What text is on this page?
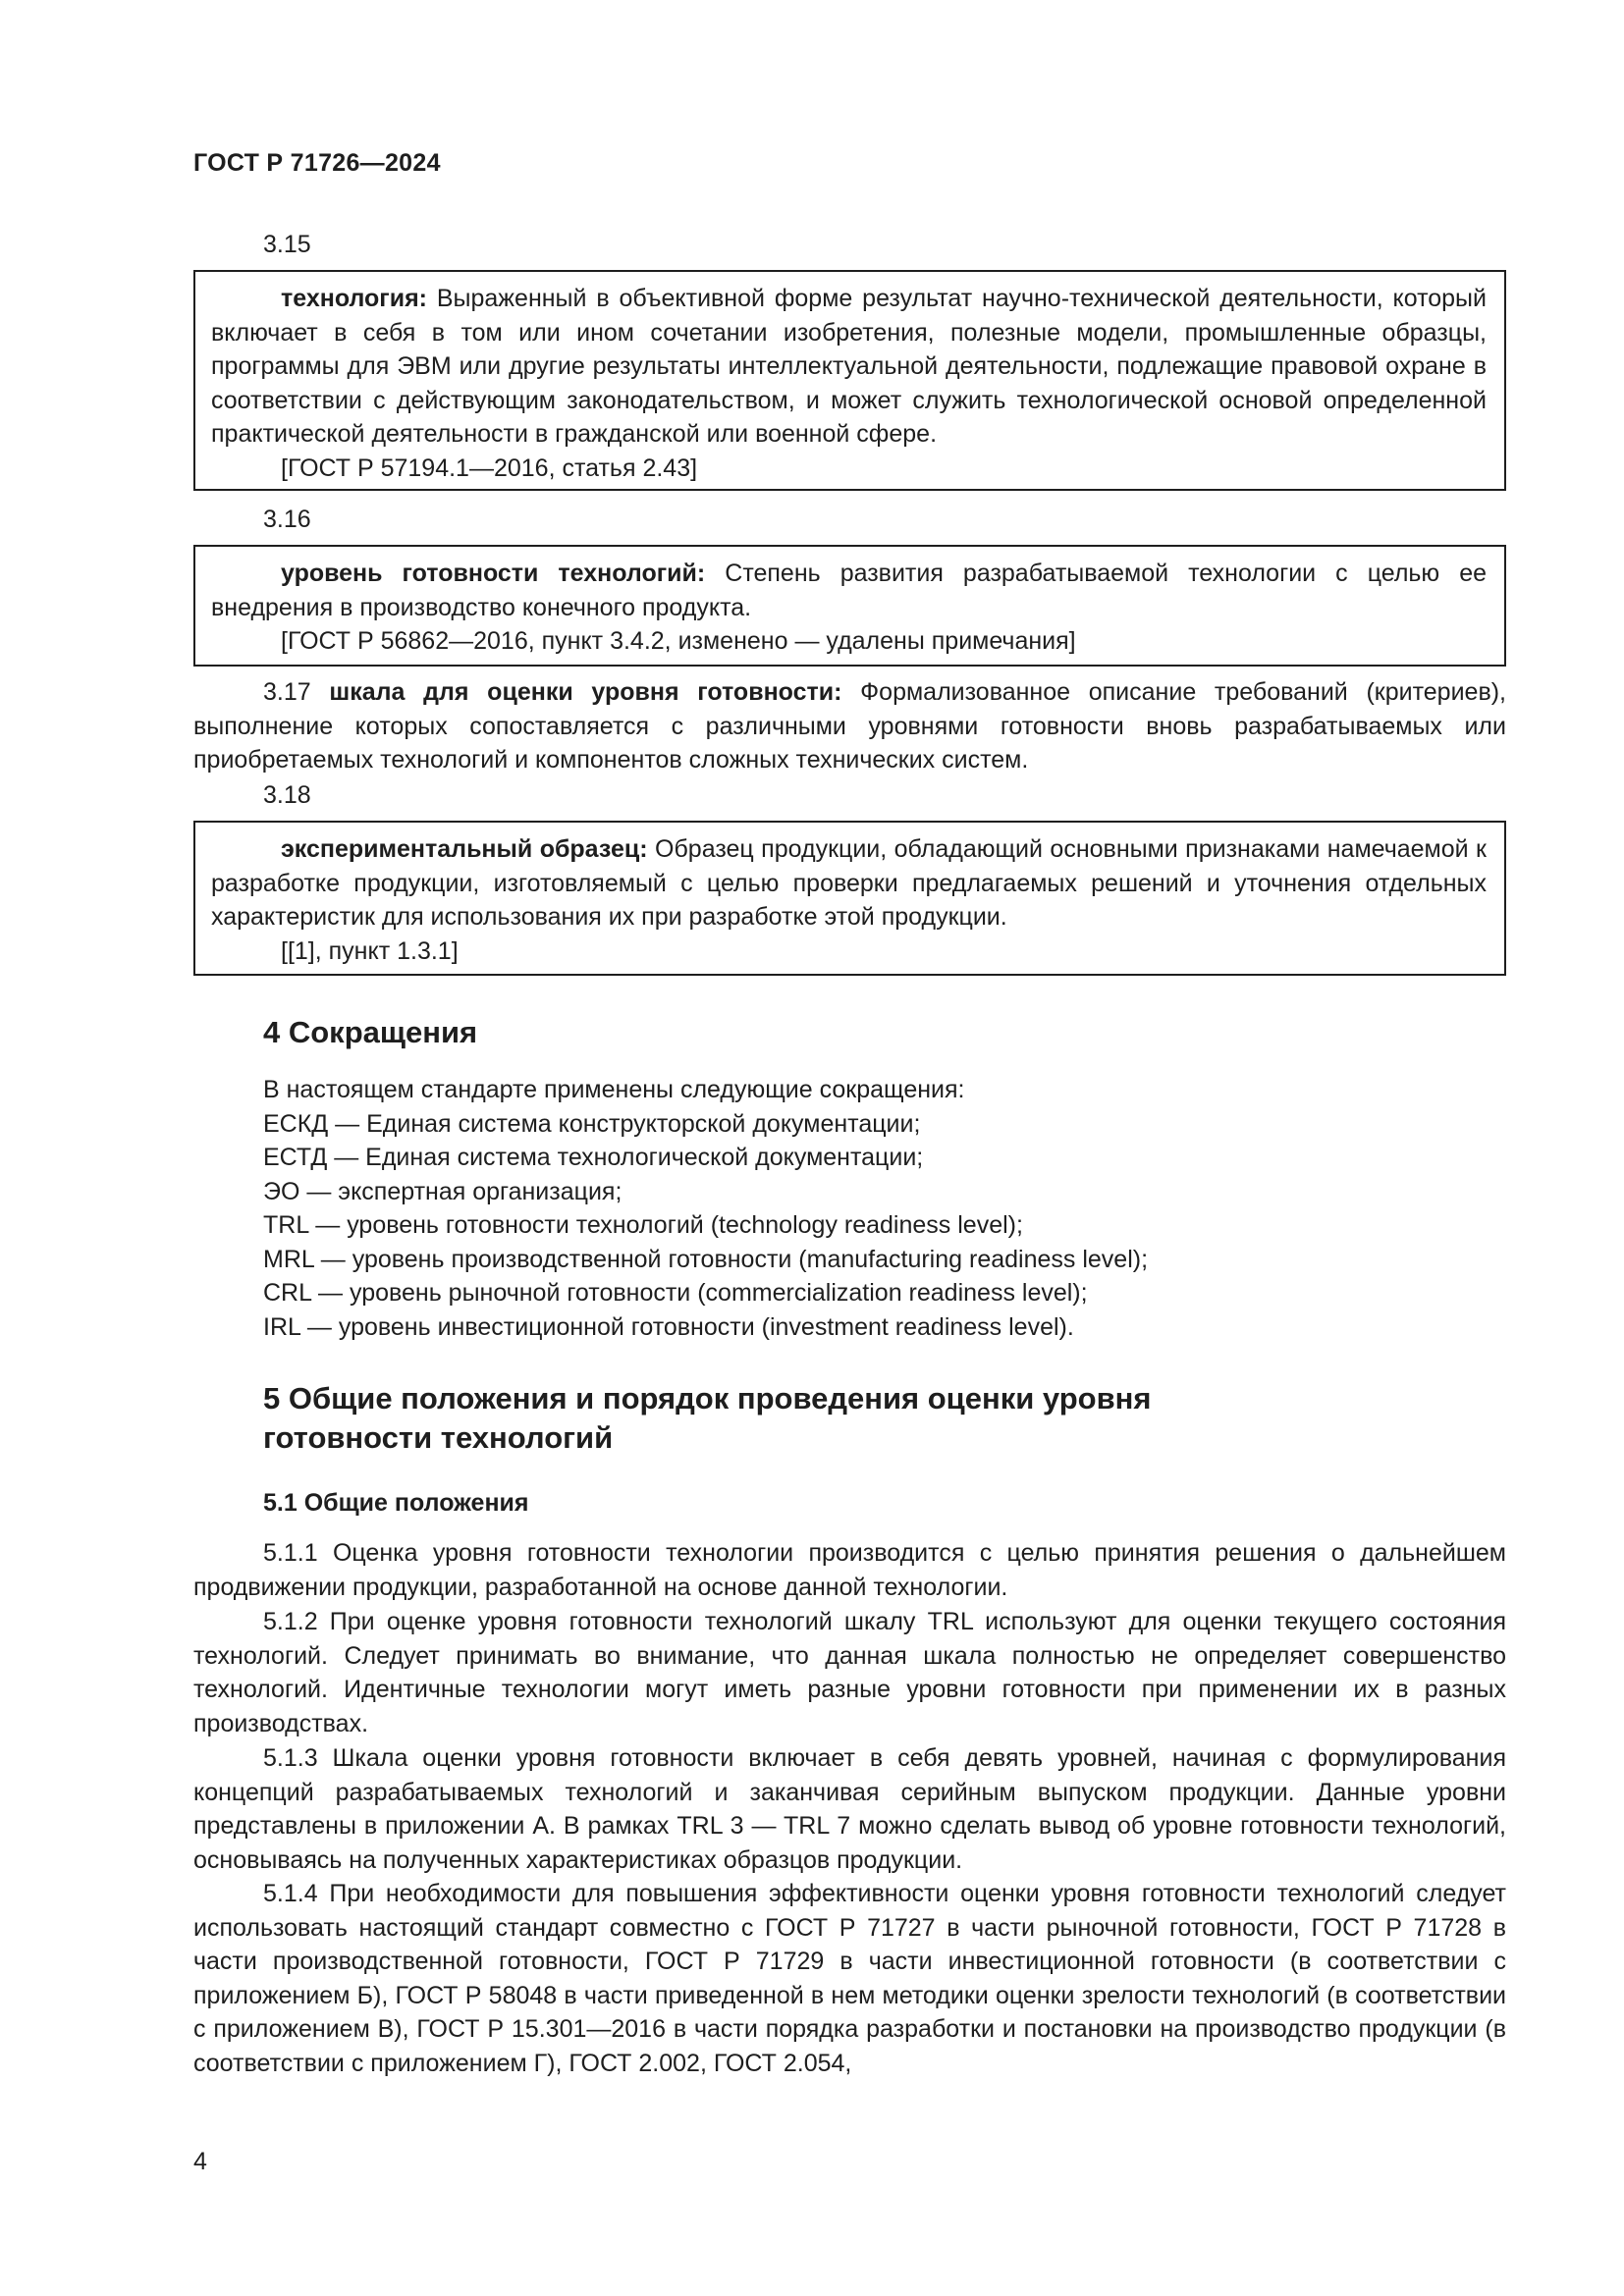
ГОСТ Р 71726—2024
3.15
технология: Выраженный в объективной форме результат научно-технической деятельности, который включает в себя в том или ином сочетании изобретения, полезные модели, промышленные образцы, программы для ЭВМ или другие результаты интеллектуальной деятельности, подлежащие правовой охране в соответствии с действующим законодательством, и может служить технологической основой определенной практической деятельности в гражданской или военной сфере.
[ГОСТ Р 57194.1—2016, статья 2.43]
3.16
уровень готовности технологий: Степень развития разрабатываемой технологии с целью ее внедрения в производство конечного продукта.
[ГОСТ Р 56862—2016, пункт 3.4.2, изменено — удалены примечания]
3.17 шкала для оценки уровня готовности: Формализованное описание требований (критериев), выполнение которых сопоставляется с различными уровнями готовности вновь разрабатываемых или приобретаемых технологий и компонентов сложных технических систем.
3.18
экспериментальный образец: Образец продукции, обладающий основными признаками намечаемой к разработке продукции, изготовляемый с целью проверки предлагаемых решений и уточнения отдельных характеристик для использования их при разработке этой продукции.
[[1], пункт 1.3.1]
4 Сокращения
В настоящем стандарте применены следующие сокращения:
ЕСКД — Единая система конструкторской документации;
ЕСТД — Единая система технологической документации;
ЭО — экспертная организация;
TRL — уровень готовности технологий (technology readiness level);
MRL — уровень производственной готовности (manufacturing readiness level);
CRL — уровень рыночной готовности (commercialization readiness level);
IRL — уровень инвестиционной готовности (investment readiness level).
5 Общие положения и порядок проведения оценки уровня
готовности технологий
5.1 Общие положения
5.1.1 Оценка уровня готовности технологии производится с целью принятия решения о дальнейшем продвижении продукции, разработанной на основе данной технологии.
5.1.2 При оценке уровня готовности технологий шкалу TRL используют для оценки текущего состояния технологий. Следует принимать во внимание, что данная шкала полностью не определяет совершенство технологий. Идентичные технологии могут иметь разные уровни готовности при применении их в разных производствах.
5.1.3 Шкала оценки уровня готовности включает в себя девять уровней, начиная с формулирования концепций разрабатываемых технологий и заканчивая серийным выпуском продукции. Данные уровни представлены в приложении А. В рамках TRL 3 — TRL 7 можно сделать вывод об уровне готовности технологий, основываясь на полученных характеристиках образцов продукции.
5.1.4 При необходимости для повышения эффективности оценки уровня готовности технологий следует использовать настоящий стандарт совместно с ГОСТ Р 71727 в части рыночной готовности, ГОСТ Р 71728 в части производственной готовности, ГОСТ Р 71729 в части инвестиционной готовности (в соответствии с приложением Б), ГОСТ Р 58048 в части приведенной в нем методики оценки зрелости технологий (в соответствии с приложением В), ГОСТ Р 15.301—2016 в части порядка разработки и постановки на производство продукции (в соответствии с приложением Г), ГОСТ 2.002, ГОСТ 2.054,
4
